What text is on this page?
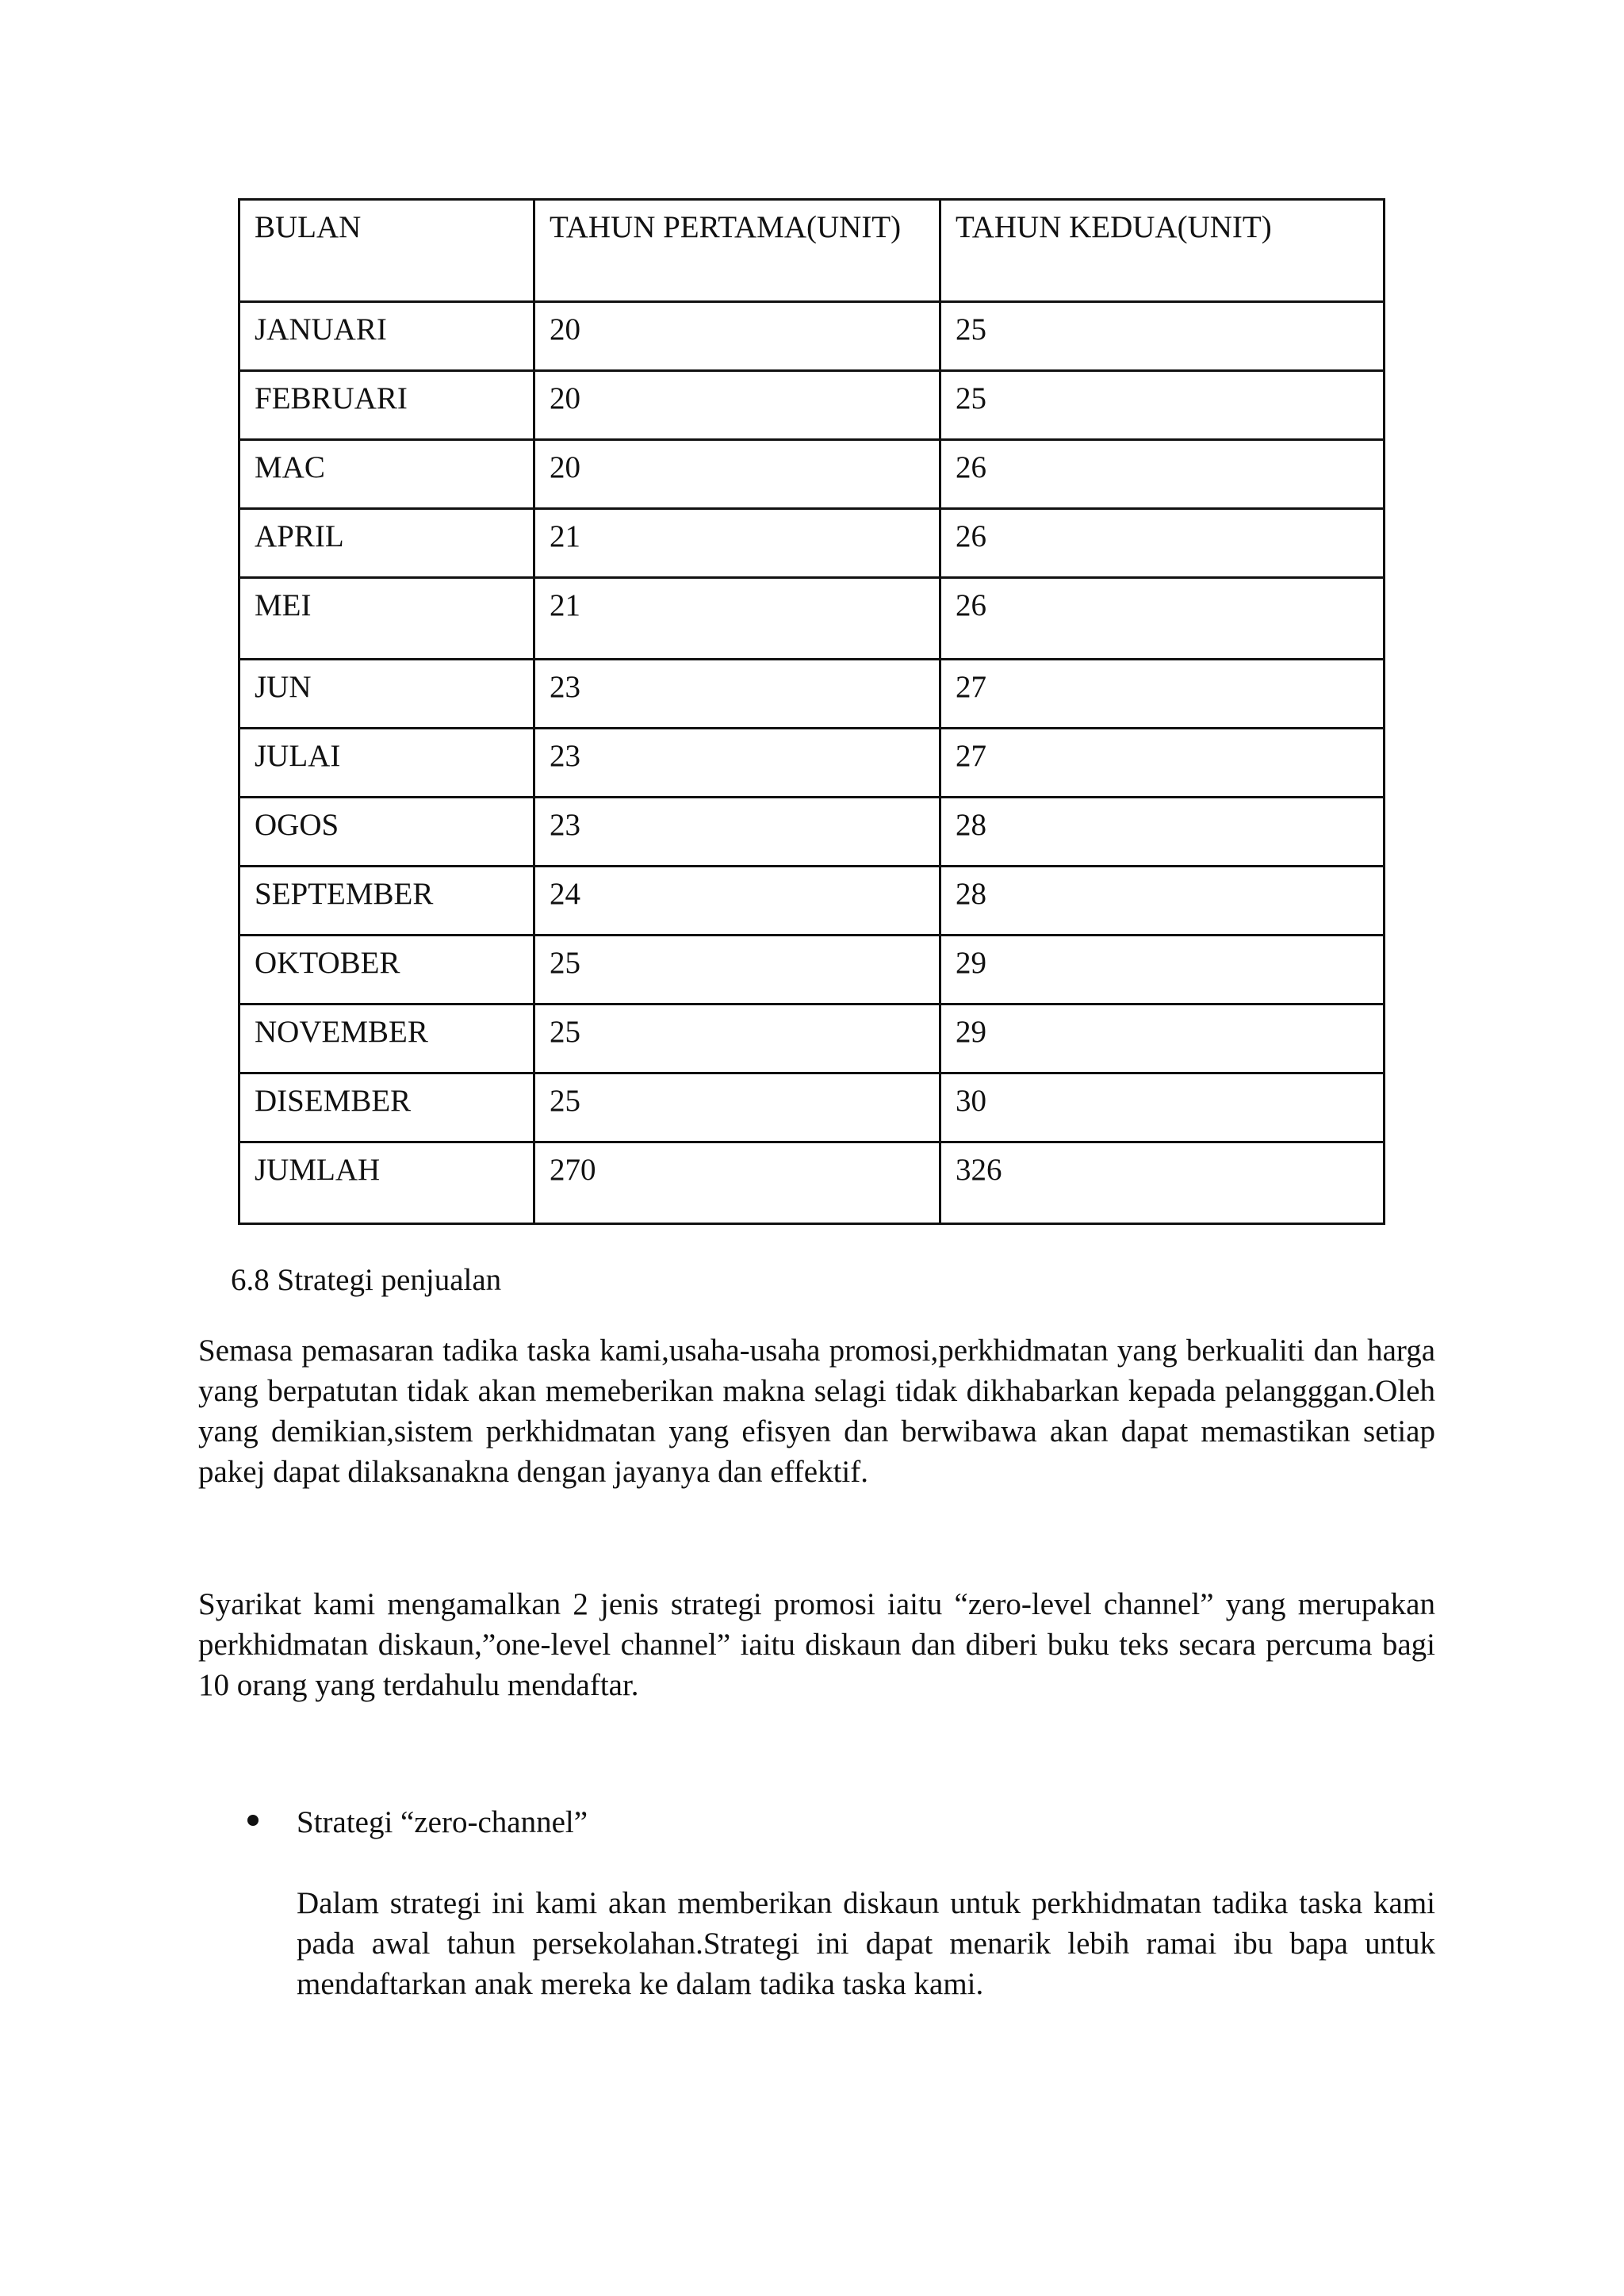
BULAN	TAHUN PERTAMA(UNIT)	TAHUN KEDUA(UNIT)
JANUARI	20	25
FEBRUARI	20	25
MAC	20	26
APRIL	21	26
MEI	21	26
JUN	23	27
JULAI	23	27
OGOS	23	28
SEPTEMBER	24	28
OKTOBER	25	29
NOVEMBER	25	29
DISEMBER	25	30
JUMLAH	270	326
6.8 Strategi penjualan

Semasa pemasaran tadika taska kami,usaha-usaha promosi,perkhidmatan yang berkualiti dan harga yang berpatutan tidak akan memeberikan makna selagi tidak dikhabarkan kepada pelangggan.Oleh yang demikian,sistem perkhidmatan yang efisyen dan berwibawa akan dapat memastikan setiap pakej dapat dilaksanakna dengan jayanya dan effektif.

Syarikat kami mengamalkan 2 jenis strategi promosi iaitu “zero-level channel” yang merupakan perkhidmatan diskaun,”one-level channel” iaitu diskaun dan diberi buku teks secara percuma bagi 10 orang yang terdahulu mendaftar.

Strategi “zero-channel”

Dalam strategi ini kami akan memberikan diskaun untuk perkhidmatan tadika taska kami pada awal tahun persekolahan.Strategi ini dapat menarik lebih ramai ibu bapa untuk mendaftarkan anak mereka ke dalam tadika taska kami.
